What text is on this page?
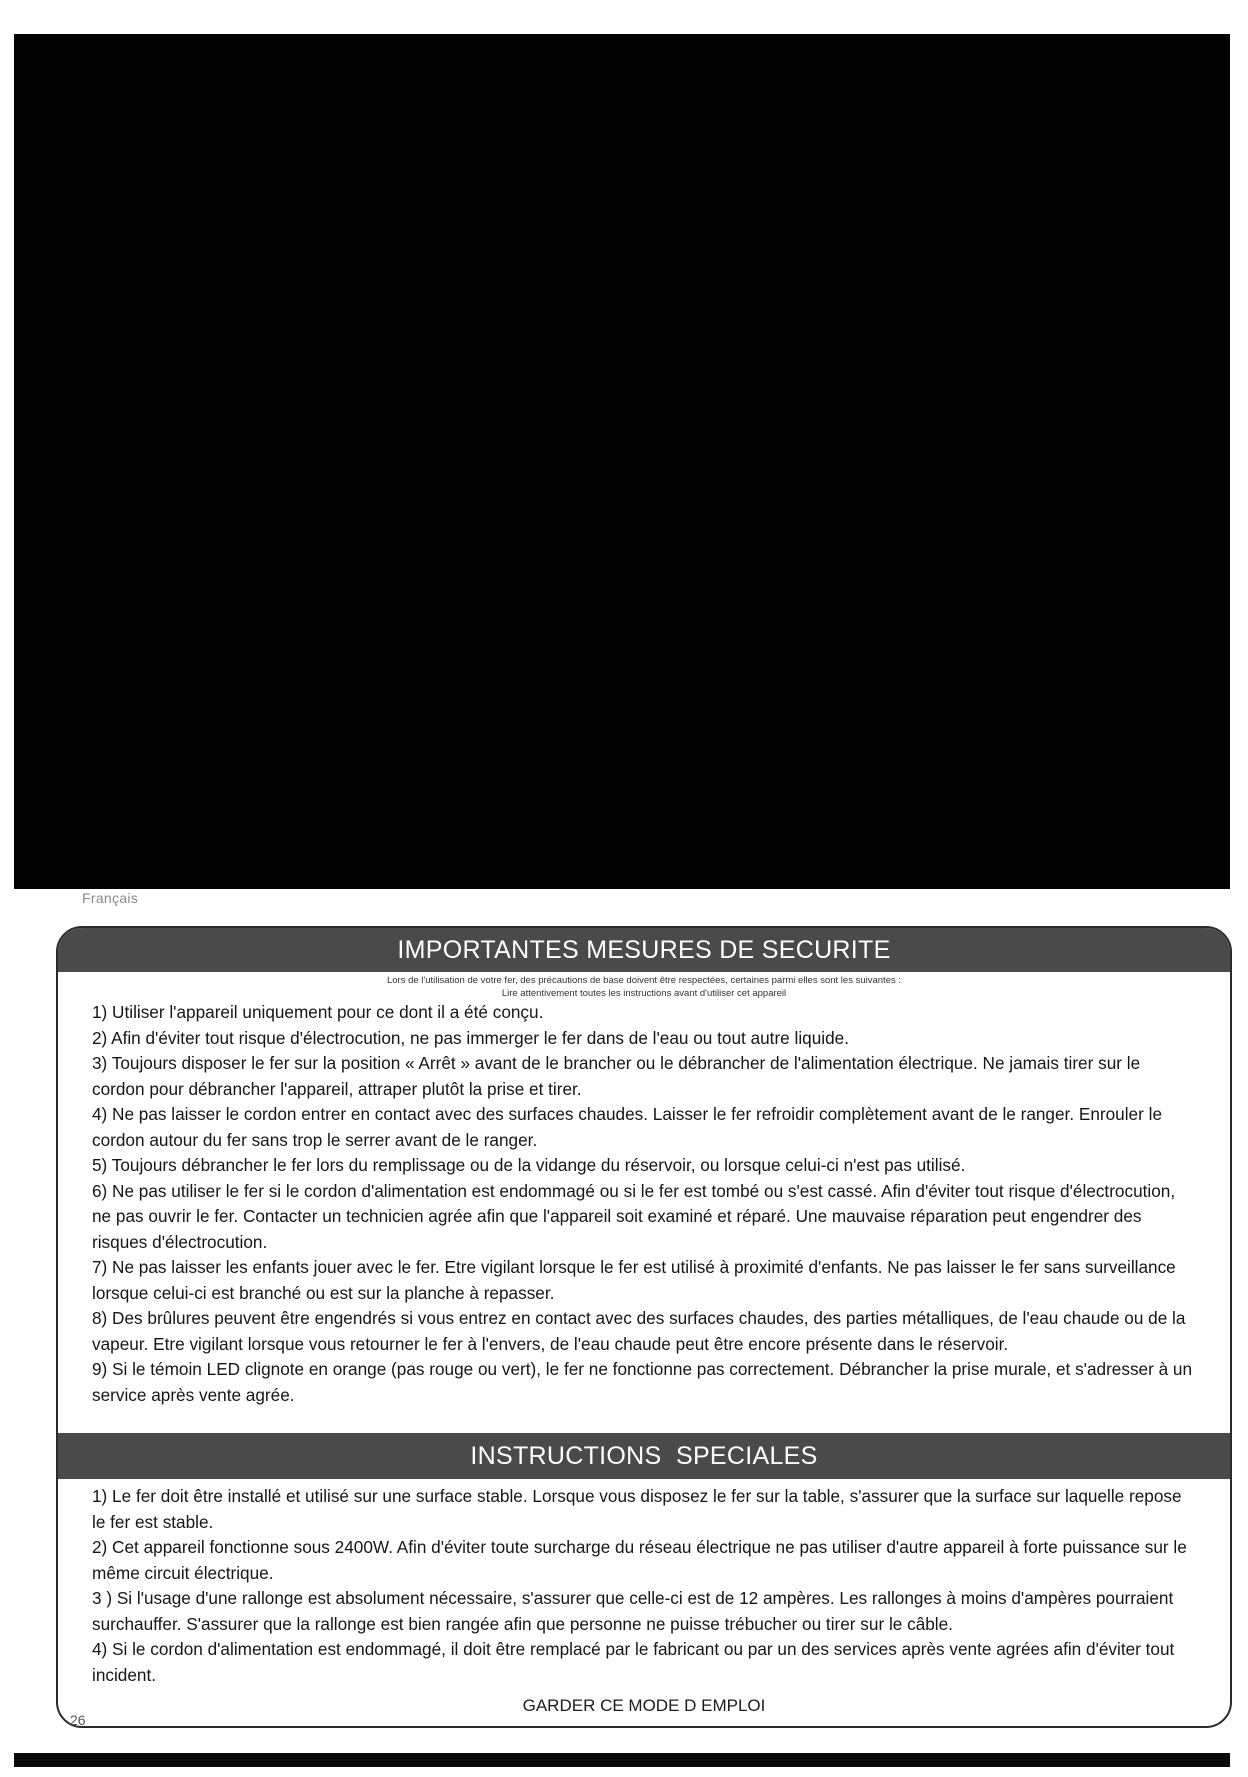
Français
IMPORTANTES MESURES DE SECURITE
Lors de l'utilisation de votre fer, des précautions de base doivent être respectées, certaines parmi elles sont les suivantes :
Lire attentivement toutes les instructions avant d'utiliser cet appareil
1) Utiliser l'appareil uniquement pour ce dont il a été conçu.
2) Afin d'éviter tout risque d'électrocution, ne pas immerger le fer dans de l'eau ou tout autre liquide.
3) Toujours disposer le fer sur la position « Arrêt » avant de le brancher ou le débrancher de l'alimentation électrique. Ne jamais tirer sur le cordon pour débrancher l'appareil, attraper plutôt la prise et tirer.
4) Ne pas laisser le cordon entrer en contact avec des surfaces chaudes. Laisser le fer refroidir complètement avant de le ranger. Enrouler le cordon autour du fer sans trop le serrer avant de le ranger.
5) Toujours débrancher le fer lors du remplissage ou de la vidange du réservoir, ou lorsque celui-ci n'est pas utilisé.
6) Ne pas utiliser le fer si le cordon d'alimentation est endommagé ou si le fer est tombé ou s'est cassé. Afin d'éviter tout risque d'électrocution, ne pas ouvrir le fer. Contacter un technicien agrée afin que l'appareil soit examiné et réparé. Une mauvaise réparation peut engendrer des risques d'électrocution.
7) Ne pas laisser les enfants jouer avec le fer. Etre vigilant lorsque le fer est utilisé à proximité d'enfants. Ne pas laisser le fer sans surveillance lorsque celui-ci est branché ou est sur la planche à repasser.
8) Des brûlures peuvent être engendrés si vous entrez en contact avec des surfaces chaudes, des parties métalliques, de l'eau chaude ou de la vapeur. Etre vigilant lorsque vous retourner le fer à l'envers, de l'eau chaude peut être encore présente dans le réservoir.
9) Si le témoin LED clignote en orange (pas rouge ou vert), le fer ne fonctionne pas correctement. Débrancher la prise murale, et s'adresser à un service après vente agrée.
INSTRUCTIONS  SPECIALES
1) Le fer doit être installé et utilisé sur une surface stable. Lorsque vous disposez le fer sur la table, s'assurer que la surface sur laquelle repose le fer est stable.
2) Cet appareil fonctionne sous 2400W. Afin d'éviter toute surcharge du réseau électrique ne pas utiliser d'autre appareil à forte puissance sur le même circuit électrique.
3 ) Si l'usage d'une rallonge est absolument nécessaire, s'assurer que celle-ci est de 12 ampères. Les rallonges à moins d'ampères pourraient surchauffer. S'assurer que la rallonge est bien rangée afin que personne ne puisse trébucher ou tirer sur le câble.
4) Si le cordon d'alimentation est endommagé, il doit être remplacé par le fabricant ou par un des services après vente agrées afin d'éviter tout incident.
GARDER CE MODE D EMPLOI
26
